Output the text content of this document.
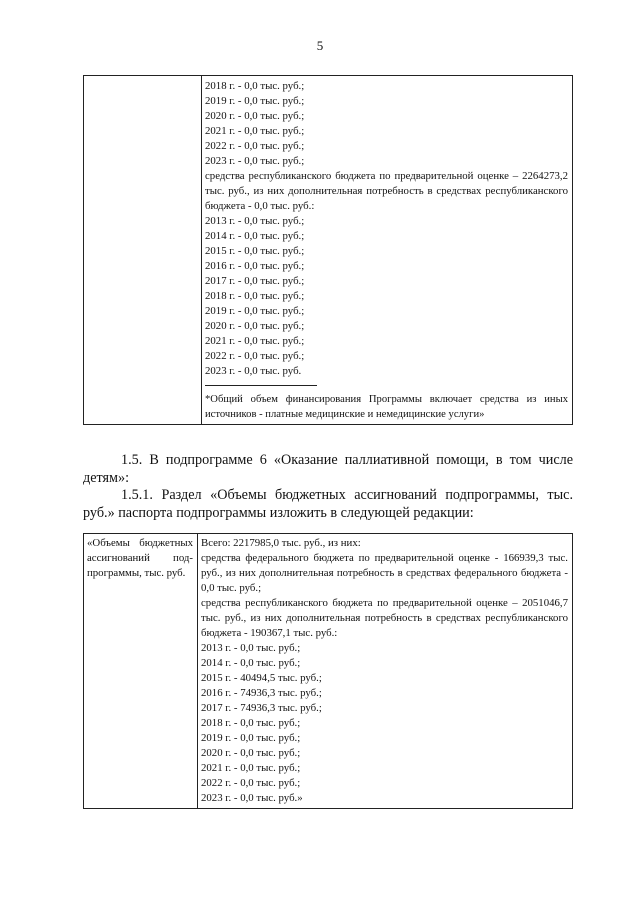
5

2018 г. - 0,0 тыс. руб.;
2019 г. - 0,0 тыс. руб.;
2020 г. - 0,0 тыс. руб.;
2021 г. - 0,0 тыс. руб.;
2022 г. - 0,0 тыс. руб.;
2023 г. - 0,0 тыс. руб.;
средства республиканского бюджета по предварительной оценке – 2264273,2 тыс. руб., из них дополнительная потребность в средствах республиканского бюджета - 0,0 тыс. руб.:
2013 г. - 0,0 тыс. руб.;
2014 г. - 0,0 тыс. руб.;
2015 г. - 0,0 тыс. руб.;
2016 г. - 0,0 тыс. руб.;
2017 г. - 0,0 тыс. руб.;
2018 г. - 0,0 тыс. руб.;
2019 г. - 0,0 тыс. руб.;
2020 г. - 0,0 тыс. руб.;
2021 г. - 0,0 тыс. руб.;
2022 г. - 0,0 тыс. руб.;
2023 г. - 0,0 тыс. руб.
*Общий объем финансирования Программы включает средства из иных источников - платные медицинские и немедицинские услуги»
1.5. В подпрограмме 6 «Оказание паллиативной помощи, в том числе детям»:
1.5.1. Раздел «Объемы бюджетных ассигнований подпрограммы, тыс. руб.» паспорта подпрограммы изложить в следующей редакции:
«Объемы бюджетных ассигнований под-программы, тыс. руб.	
Всего: 2217985,0 тыс. руб., из них:
средства федерального бюджета по предварительной оценке - 166939,3 тыс. руб., из них дополнительная потребность в средствах федерального бюджета - 0,0 тыс. руб.;
средства республиканского бюджета по предварительной оценке – 2051046,7 тыс. руб., из них дополнительная потребность в средствах республиканского бюджета - 190367,1 тыс. руб.:
2013 г. - 0,0 тыс. руб.;
2014 г. - 0,0 тыс. руб.;
2015 г. - 40494,5 тыс. руб.;
2016 г. - 74936,3 тыс. руб.;
2017 г. - 74936,3 тыс. руб.;
2018 г. - 0,0 тыс. руб.;
2019 г. - 0,0 тыс. руб.;
2020 г. - 0,0 тыс. руб.;
2021 г. - 0,0 тыс. руб.;
2022 г. - 0,0 тыс. руб.;
2023 г. - 0,0 тыс. руб.»
